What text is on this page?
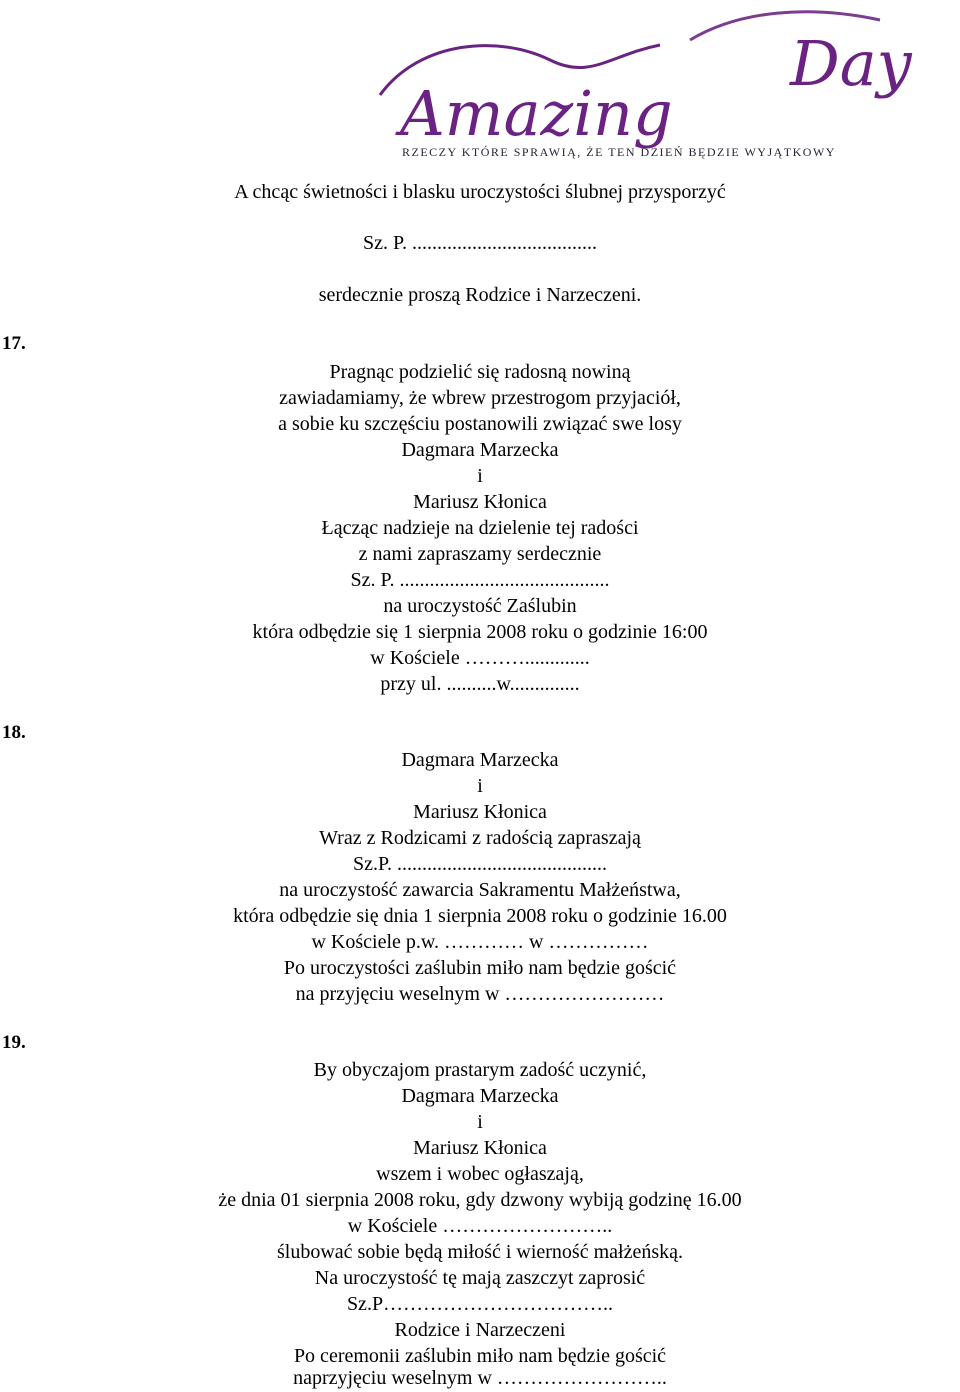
Amazing
Day
RZECZY KTÓRE SPRAWIĄ, ŻE TEN DZIEŃ BĘDZIE WYJĄTKOWY
A chcąc świetności i blasku uroczystości ślubnej przysporzyć
Sz. P. .....................................
serdecznie proszą Rodzice i Narzeczeni.
17.
Pragnąc podzielić się radosną nowiną
zawiadamiamy, że wbrew przestrogom przyjaciół,
a sobie ku szczęściu postanowili związać swe losy
Dagmara Marzecka
i
Mariusz Kłonica
Łącząc nadzieje na dzielenie tej radości
z nami zapraszamy serdecznie
Sz. P. ..........................................
na uroczystość Zaślubin
która odbędzie się 1 sierpnia 2008 roku o godzinie 16:00
w Kościele ……….............
przy ul. ..........w..............
18.
Dagmara Marzecka
i
Mariusz Kłonica
Wraz z Rodzicami z radością zapraszają
Sz.P. ..........................................
na uroczystość zawarcia Sakramentu Małżeństwa,
która odbędzie się dnia 1 sierpnia 2008 roku o godzinie 16.00
w Kościele p.w. ………… w ……………
Po uroczystości zaślubin miło nam będzie gościć
na przyjęciu weselnym w ……………………
19.
By obyczajom prastarym zadość uczynić,
Dagmara Marzecka
i
Mariusz Kłonica
wszem i wobec ogłaszają,
że dnia 01 sierpnia 2008 roku, gdy dzwony wybiją godzinę 16.00
w Kościele ……………………..
ślubować sobie będą miłość i wierność małżeńską.
Na uroczystość tę mają zaszczyt zaprosić
Sz.P……………………………..
Rodzice i Narzeczeni
Po ceremonii zaślubin miło nam będzie gościć
naprzyjęciu weselnym w ……………………..
